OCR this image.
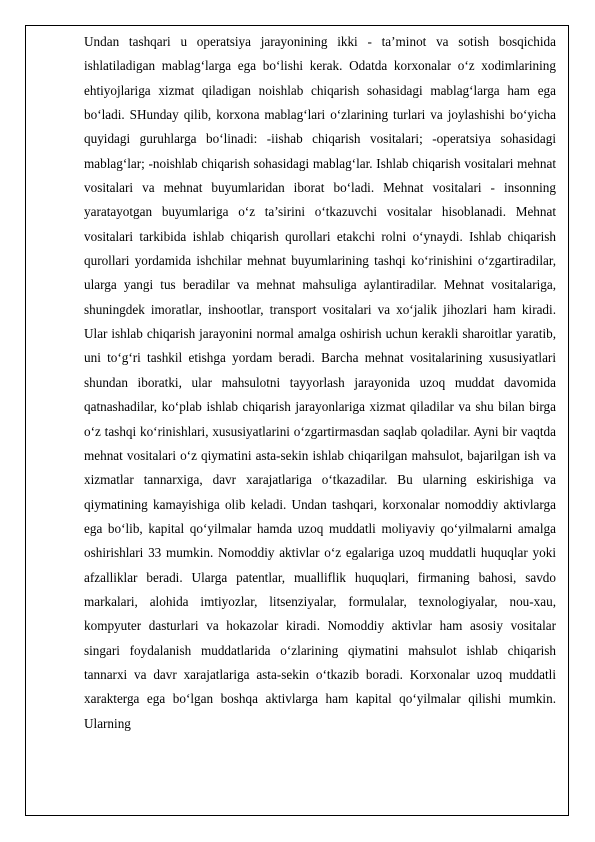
Undan tashqari u operatsiya jarayonining ikki - ta’minot va sotish bosqichida ishlatiladigan mablag‘larga ega bo‘lishi kerak. Odatda korxonalar o‘z xodimlarining ehtiyojlariga xizmat qiladigan noishlab chiqarish sohasidagi mablag‘larga ham ega bo‘ladi. SHunday qilib, korxona mablag‘lari o‘zlarining turlari va joylashishi bo‘yicha quyidagi guruhlarga bo‘linadi: -iishab chiqarish vositalari; -operatsiya sohasidagi mablag‘lar; -noishlab chiqarish sohasidagi mablag‘lar. Ishlab chiqarish vositalari mehnat vositalari va mehnat buyumlaridan iborat bo‘ladi. Mehnat vositalari - insonning yaratayotgan buyumlariga o‘z ta’sirini o‘tkazuvchi vositalar hisoblanadi. Mehnat vositalari tarkibida ishlab chiqarish qurollari etakchi rolni o‘ynaydi. Ishlab chiqarish qurollari yordamida ishchilar mehnat buyumlarining tashqi ko‘rinishini o‘zgartiradilar, ularga yangi tus beradilar va mehnat mahsuliga aylantiradilar. Mehnat vositalariga, shuningdek imoratlar, inshootlar, transport vositalari va xo‘jalik jihozlari ham kiradi. Ular ishlab chiqarish jarayonini normal amalga oshirish uchun kerakli sharoitlar yaratib, uni to‘g‘ri tashkil etishga yordam beradi. Barcha mehnat vositalarining xususiyatlari shundan iboratki, ular mahsulotni tayyorlash jarayonida uzoq muddat davomida qatnashadilar, ko‘plab ishlab chiqarish jarayonlariga xizmat qiladilar va shu bilan birga o‘z tashqi ko‘rinishlari, xususiyatlarini o‘zgartirmasdan saqlab qoladilar. Ayni bir vaqtda mehnat vositalari o‘z qiymatini asta-sekin ishlab chiqarilgan mahsulot, bajarilgan ish va xizmatlar tannarxiga, davr xarajatlariga o‘tkazadilar. Bu ularning eskirishiga va qiymatining kamayishiga olib keladi. Undan tashqari, korxonalar nomoddiy aktivlarga ega bo‘lib, kapital qo‘yilmalar hamda uzoq muddatli moliyaviy qo‘yilmalarni amalga oshirishlari 33 mumkin. Nomoddiy aktivlar o‘z egalariga uzoq muddatli huquqlar yoki afzalliklar beradi. Ularga patentlar, mualliflik huquqlari, firmaning bahosi, savdo markalari, alohida imtiyozlar, litsenziyalar, formulalar, texnologiyalar, nou-xau, kompyuter dasturlari va hokazolar kiradi. Nomoddiy aktivlar ham asosiy vositalar singari foydalanish muddatlarida o‘zlarining qiymatini mahsulot ishlab chiqarish tannarxi va davr xarajatlariga asta-sekin o‘tkazib boradi. Korxonalar uzoq muddatli xarakterga ega bo‘lgan boshqa aktivlarga ham kapital qo‘yilmalar qilishi mumkin. Ularning
